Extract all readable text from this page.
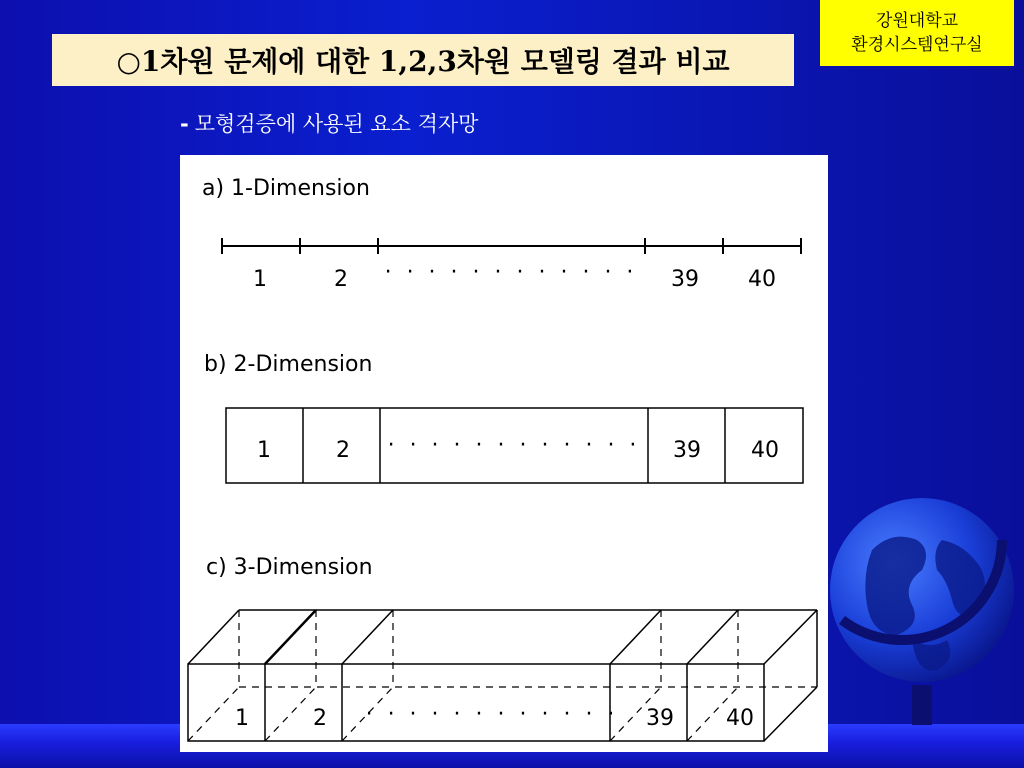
○1차원 문제에 대한 1,2,3차원 모델링 결과 비교
강원대학교
환경시스템연구실
- 모형검증에 사용된 요소 격자망
a) 1-Dimension
1	2 · · · · · · · · · · · · 39 40
b) 2-Dimension
1	2 · · · · · · · · · · · · 39 40
c) 3-Dimension
1	2 · · · · · · · · · · · · 39 40
